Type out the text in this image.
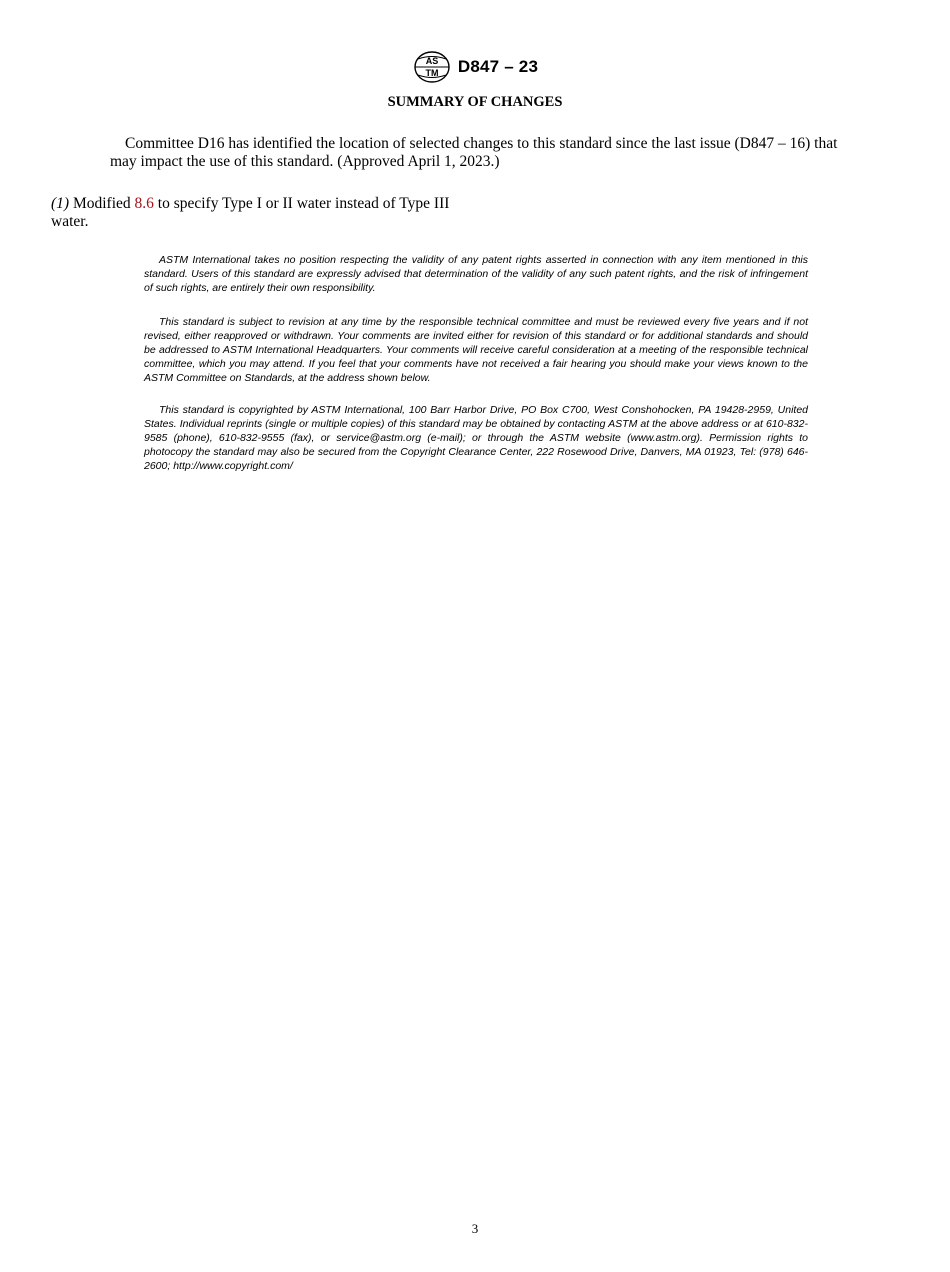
AS
TM D847 – 23
SUMMARY OF CHANGES

Committee D16 has identified the location of selected changes to this standard since the last issue (D847 – 16) that may impact the use of this standard. (Approved April 1, 2023.)

(1) Modified 8.6 to specify Type I or II water instead of Type III water.

ASTM International takes no position respecting the validity of any patent rights asserted in connection with any item mentioned in this standard. Users of this standard are expressly advised that determination of the validity of any such patent rights, and the risk of infringement of such rights, are entirely their own responsibility.

This standard is subject to revision at any time by the responsible technical committee and must be reviewed every five years and if not revised, either reapproved or withdrawn. Your comments are invited either for revision of this standard or for additional standards and should be addressed to ASTM International Headquarters. Your comments will receive careful consideration at a meeting of the responsible technical committee, which you may attend. If you feel that your comments have not received a fair hearing you should make your views known to the ASTM Committee on Standards, at the address shown below.

This standard is copyrighted by ASTM International, 100 Barr Harbor Drive, PO Box C700, West Conshohocken, PA 19428-2959, United States. Individual reprints (single or multiple copies) of this standard may be obtained by contacting ASTM at the above address or at 610-832-9585 (phone), 610-832-9555 (fax), or service@astm.org (e-mail); or through the ASTM website (www.astm.org). Permission rights to photocopy the standard may also be secured from the Copyright Clearance Center, 222 Rosewood Drive, Danvers, MA 01923, Tel: (978) 646-2600; http://www.copyright.com/

3
